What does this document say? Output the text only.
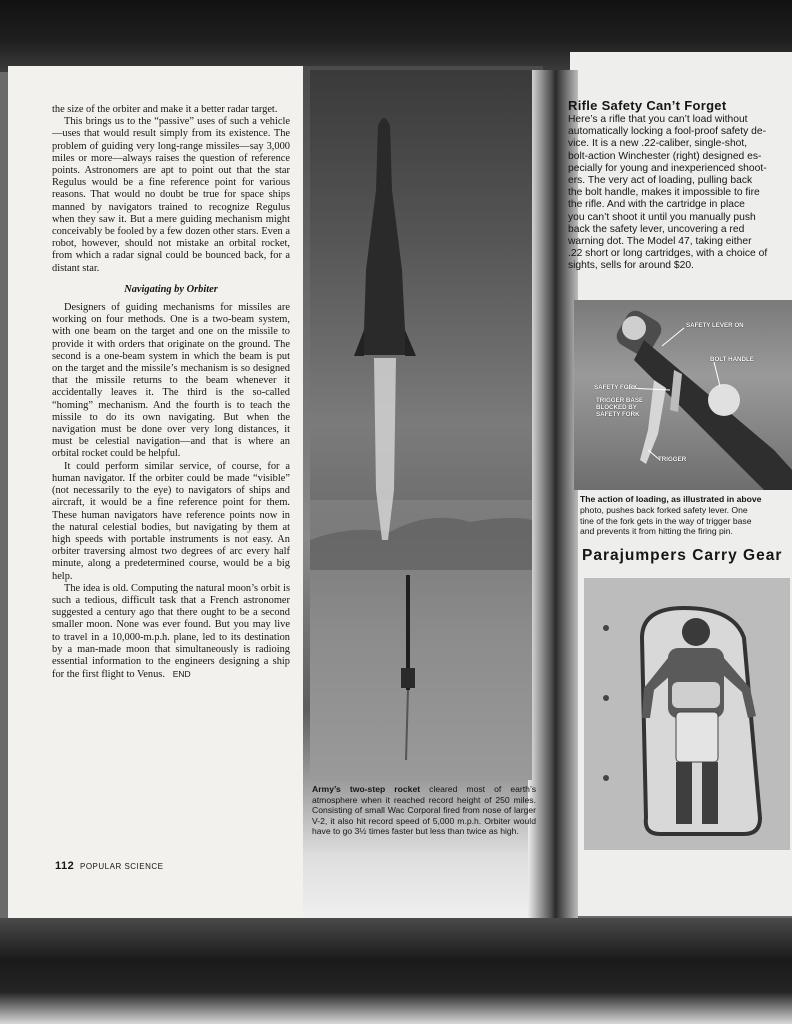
the size of the orbiter and make it a better radar target.

This brings us to the “passive” uses of such a vehicle—uses that would result simply from its existence. The problem of guiding very long-range missiles—say 3,000 miles or more—always raises the question of reference points. Astronomers are apt to point out that the star Regulus would be a fine reference point for various reasons. That would no doubt be true for space ships manned by navigators trained to recognize Regulus when they saw it. But a mere guiding mechanism might conceivably be fooled by a few dozen other stars. Even a robot, however, should not mistake an orbital rocket, from which a radar signal could be bounced back, for a distant star.

Navigating by Orbiter

Designers of guiding mechanisms for missiles are working on four methods. One is a two-beam system, with one beam on the target and one on the missile to provide it with orders that originate on the ground. The second is a one-beam system in which the beam is put on the target and the missile’s mechanism is so designed that the missile returns to the beam whenever it accidentally leaves it. The third is the so-called “homing” mechanism. And the fourth is to teach the missile to do its own navigating. But when the navigation must be done over very long distances, it must be celestial navigation—and that is where an orbital rocket could be helpful.

It could perform similar service, of course, for a human navigator. If the orbiter could be made “visible” (not necessarily to the eye) to navigators of ships and aircraft, it would be a fine reference point for them. These human navigators have reference points now in the natural celestial bodies, but navigating by them at high speeds with portable instruments is not easy. An orbiter traversing almost two degrees of arc every half minute, along a predetermined course, would be a big help.

The idea is old. Computing the natural moon’s orbit is such a tedious, difficult task that a French astronomer suggested a century ago that there ought to be a second smaller moon. None was ever found. But you may live to travel in a 10,000-m.p.h. plane, led to its destination by a man-made moon that simultaneously is radioing essential information to the engineers designing a ship for the first flight to Venus. END

112 POPULAR SCIENCE
Army’s two-step rocket cleared most of earth’s atmosphere when it reached record height of 250 miles. Consisting of small Wac Corporal fired from nose of larger V-2, it also hit record speed of 5,000 m.p.h. Orbiter would have to go 3½ times faster but less than twice as high.
Rifle Safety Can’t Forget
Here’s a rifle that you can’t load without
automatically locking a fool-proof safety de-
vice. It is a new .22-caliber, single-shot,
bolt-action Winchester (right) designed es-
pecially for young and inexperienced shoot-
ers. The very act of loading, pulling back
the bolt handle, makes it impossible to fire
the rifle. And with the cartridge in place
you can’t shoot it until you manually push
back the safety lever, uncovering a red
warning dot. The Model 47, taking either
.22 short or long cartridges, with a choice of
sights, sells for around $20.
SAFETY LEVER ON
BOLT HANDLE
SAFETY FORK
TRIGGER BASE BLOCKED BY SAFETY FORK
TRIGGER
The action of loading, as illustrated in above
photo, pushes back forked safety lever. One
tine of the fork gets in the way of trigger base
and prevents it from hitting the firing pin.
Parajumpers Carry Gear
